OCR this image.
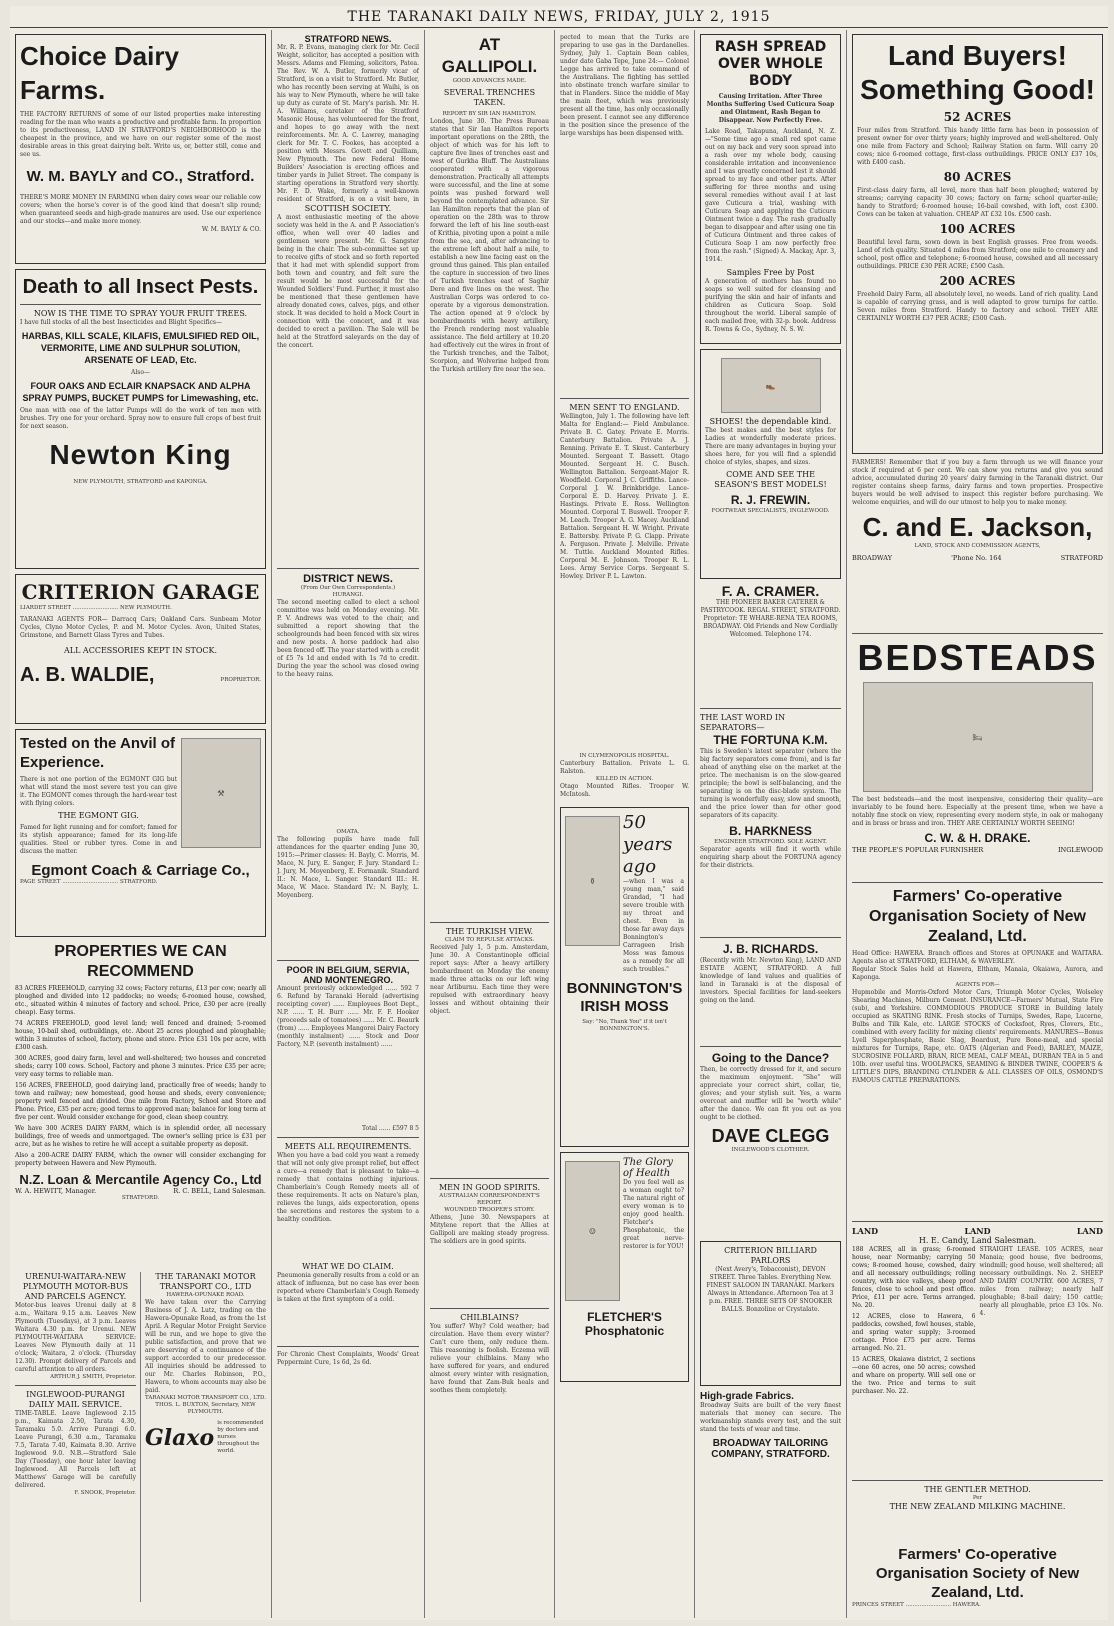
THE TARANAKI DAILY NEWS, FRIDAY, JULY 2, 1915
Choice Dairy Farms.
THE FACTORY RETURNS of some of our listed properties make interesting reading for the man who wants a productive and profitable farm. In proportion to its productiveness, LAND IN STRATFORD'S NEIGHBORHOOD is the cheapest in the province, and we have on our register some of the most desirable areas in this great dairying belt. Write us, or, better still, come and see us.
W. M. BAYLY and CO., Stratford.
THERE'S MORE MONEY IN FARMING when dairy cows wear our reliable cow covers; when the horse's cover is of the good kind that doesn't slip round; when guaranteed seeds and high-grade manures are used. Use our experience and our stocks—and make more money.
W. M. BAYLY & CO.
Death to all Insect Pests.
NOW IS THE TIME TO SPRAY YOUR FRUIT TREES.
I have full stocks of all the best Insecticides and Blight Specifics—
HARBAS, KILL SCALE, KILAFIS, EMULSIFIED RED OIL, VERMORITE, LIME AND SULPHUR SOLUTION, ARSENATE OF LEAD, Etc.
Also—
FOUR OAKS AND ECLAIR KNAPSACK AND ALPHA SPRAY PUMPS, BUCKET PUMPS for Limewashing, etc.
One man with one of the latter Pumps will do the work of ten men with brushes. Try one for your orchard. Spray now to ensure full crops of best fruit for next season.
Newton King
NEW PLYMOUTH, STRATFORD and KAPONGA.
CRITERION GARAGE
LIARDET STREET .......................... NEW PLYMOUTH.
TARANAKI AGENTS FOR— Darracq Cars; Oakland Cars. Sunbeam Motor Cycles, Clyno Motor Cycles, P. and M. Motor Cycles. Avon, United States, Grimstone, and Barnett Glass Tyres and Tubes.
ALL ACCESSORIES KEPT IN STOCK.
A. B. WALDIE,	PROPRIETOR.
Tested on the Anvil of Experience.
There is not one portion of the EGMONT GIG but what will stand the most severe test you can give it. The EGMONT comes through the hard-wear test with flying colors.
THE EGMONT GIG.
Famed for light running and for comfort; famed for its stylish appearance; famed for its long-life qualities. Steel or rubber tyres. Come in and discuss the matter.
⚒
Egmont Coach & Carriage Co.,
PAGE STREET ................................ STRATFORD.
PROPERTIES WE CAN RECOMMEND
83 ACRES FREEHOLD, carrying 32 cows; Factory returns, £13 per cow; nearly all ploughed and divided into 12 paddocks; no weeds; 6-roomed house, cowshed, etc., situated within 4 minutes of factory and school. Price, £30 per acre (really cheap). Easy terms.
74 ACRES FREEHOLD, good level land; well fenced and drained; 5-roomed house, 10-bail shed, outbuildings, etc. About 25 acres ploughed and ploughable; within 3 minutes of school, factory, phone and store. Price £31 10s per acre, with £300 cash.
300 ACRES, good dairy farm, level and well-sheltered; two houses and concreted sheds; carry 100 cows. School, Factory and phone 3 minutes. Price £35 per acre; very easy terms to reliable man.
156 ACRES, FREEHOLD, good dairying land, practically free of weeds; handy to town and railway; new homestead, good house and sheds, every convenience; property well fenced and divided. One mile from Factory, School and Store and Phone. Price, £35 per acre; good terms to approved man; balance for long term at five per cent. Would consider exchange for good, clean sheep country.
We have 300 ACRES DAIRY FARM, which is in splendid order, all necessary buildings, free of weeds and unmortgaged. The owner's selling price is £31 per acre, but as he wishes to retire he will accept a suitable property as deposit.
Also a 200-ACRE DAIRY FARM, which the owner will consider exchanging for property between Hawera and New Plymouth.
N.Z. Loan & Mercantile Agency Co., Ltd
W. A. HEWITT, Manager.	R. C. BELL, Land Salesman.
STRATFORD.
URENUI-WAITARA-NEW PLYMOUTH MOTOR-BUS AND PARCELS AGENCY.
Motor-bus leaves Urenui daily at 8 a.m., Waitara 9.15 a.m. Leaves New Plymouth (Tuesdays), at 3 p.m. Leaves Waitara 4.30 p.m. for Urenui. NEW PLYMOUTH-WAITARA SERVICE: Leaves New Plymouth daily at 11 o'clock; Waitara, 2 o'clock. (Thursday 12.30). Prompt delivery of Parcels and careful attention to all orders.
ARTHUR J. SMITH, Proprietor.
INGLEWOOD-PURANGI DAILY MAIL SERVICE.
TIME-TABLE. Leave Inglewood 2.15 p.m., Kaimata 2.50, Tarata 4.30, Taramaku 5.0. Arrive Purangi 6.0. Leave Purangi, 6.30 a.m., Taramaku 7.5, Tarata 7.40, Kaimata 8.30. Arrive Inglewood 9.0. N.B.—Stratford Sale Day (Tuesday), one hour later leaving Inglewood. All Parcels left at Matthews' Garage will be carefully delivered.
F. SNOOK, Proprietor.
THE TARANAKI MOTOR TRANSPORT CO., LTD
HAWERA-OPUNAKE ROAD.
We have taken over the Carrying Business of J. A. Lutz, trading on the Hawera-Opunake Road, as from the 1st April. A Regular Motor Freight Service will be run, and we hope to give the public satisfaction, and prove that we are deserving of a continuance of the support accorded to our predecessor. All inquiries should be addressed to our Mr. Charles Robinson, P.O., Hawera, to whom accounts may also be paid.
TARANAKI MOTOR TRANSPORT CO., LTD. THOS. L. BUXTON, Secretary, NEW PLYMOUTH.
Glaxo
is recommended by doctors and nurses throughout the world.
STRATFORD NEWS.
Mr. R. P. Evans, managing clerk for Mr. Cecil Weight, solicitor, has accepted a position with Messrs. Adams and Fleming, solicitors, Patea. The Rev. W. A. Butler, formerly vicar of Stratford, is on a visit to Stratford. Mr. Butler, who has recently been serving at Waihi, is on his way to New Plymouth, where he will take up duty as curate of St. Mary's parish. Mr. H. A. Williams, caretaker of the Stratford Masonic House, has volunteered for the front, and hopes to go away with the next reinforcements. Mr. A. C. Lawrey, managing clerk for Mr. T. C. Fookes, has accepted a position with Messrs. Govett and Quilliam, New Plymouth. The new Federal Home Builders' Association is erecting offices and timber yards in Juliet Street. The company is starting operations in Stratford very shortly. Mr. F. D. Wake, formerly a well-known resident of Stratford, is on a visit here, in
SCOTTISH SOCIETY.
A most enthusiastic meeting of the above society was held in the A. and P. Association's office, when well over 40 ladies and gentlemen were present. Mr. G. Sangster being in the chair. The sub-committee set up to receive gifts of stock and so forth reported that it had met with splendid support from both town and country, and felt sure the result would be most successful for the Wounded Soldiers' Fund. Further, it must also be mentioned that these gentlemen have already donated cows, calves, pigs, and other stock. It was decided to hold a Mock Court in connection with the concert, and it was decided to erect a pavilion. The Sale will be held at the Stratford saleyards on the day of the concert.
DISTRICT NEWS.
(From Our Own Correspondents.)
HURANGI.
The second meeting called to elect a school committee was held on Monday evening. Mr. P. V. Andrews was voted to the chair, and submitted a report showing that the schoolgrounds had been fenced with six wires and new posts. A horse paddock had also been fenced off. The year started with a credit of £5 7s 1d and ended with 1s 7d to credit. During the year the school was closed owing to the heavy rains.
OMATA.
The following pupils have made full attendances for the quarter ending June 30, 1915:—Primer classes: H. Bayly, C. Morris, M. Mace, N. Jury, E. Sanger, F. Jury. Standard I.: J. Jury, M. Moyenberg, E. Formanik. Standard II.: N. Mace, L. Sanger. Standard III.: H. Mace, W. Mace. Standard IV.: N. Bayly, L. Moyenberg.
POOR IN BELGIUM, SERVIA, AND MONTENEGRO.
Amount previously acknowledged ...... 592 7 6. Refund by Taranaki Herald (advertising receipting cover) ...... Employees Boot Dept., N.P. ...... T. H. Burr ...... Mr. F. F. Hooker (proceeds sale of tomatoes) ...... Mr. C. Beaurk (from) ...... Employees Mangorei Dairy Factory (monthly instalment) ...... Stock and Door Factory, N.P. (seventh instalment) ......
Total ...... £597 8 5
MEETS ALL REQUIREMENTS.
When you have a bad cold you want a remedy that will not only give prompt relief, but effect a cure—a remedy that is pleasant to take—a remedy that contains nothing injurious. Chamberlain's Cough Remedy meets all of these requirements. It acts on Nature's plan, relieves the lungs, aids expectoration, opens the secretions and restores the system to a healthy condition.
WHAT WE DO CLAIM.
Pneumonia generally results from a cold or an attack of influenza, but no case has ever been reported where Chamberlain's Cough Remedy is taken at the first symptom of a cold.
For Chronic Chest Complaints, Woods' Great Peppermint Cure, 1s 6d, 2s 6d.
AT GALLIPOLI.
GOOD ADVANCES MADE.
SEVERAL TRENCHES TAKEN.
REPORT BY SIR IAN HAMILTON.
London, June 30. The Press Bureau states that Sir Ian Hamilton reports important operations on the 28th, the object of which was for his left to capture five lines of trenches east and west of Gurkha Bluff. The Australians cooperated with a vigorous demonstration. Practically all attempts were successful, and the line at some points was pushed forward well beyond the contemplated advance. Sir Ian Hamilton reports that the plan of operation on the 28th was to throw forward the left of his line south-east of Krithia, pivoting upon a point a mile from the sea, and, after advancing to the extreme left about half a mile, to establish a new line facing east on the ground thus gained. This plan entailed the capture in succession of two lines of Turkish trenches east of Saghir Dere and five lines on the west. The Australian Corps was ordered to co-operate by a vigorous demonstration. The action opened at 9 o'clock by bombardments with heavy artillery, the French rendering most valuable assistance. The field artillery at 10.20 had effectively cut the wires in front of the Turkish trenches, and the Talbot, Scorpion, and Wolverine helped from the Turkish artillery fire near the sea.
THE TURKISH VIEW.
CLAIM TO REPULSE ATTACKS.
Received July 1, 5 p.m. Amsterdam, June 30. A Constantinople official report says: After a heavy artillery bombardment on Monday the enemy made three attacks on our left wing near Arliburnu. Each time they were repulsed with extraordinary heavy losses and without obtaining their object.
MEN IN GOOD SPIRITS.
AUSTRALIAN CORRESPONDENT'S REPORT.
WOUNDED TROOPER'S STORY.
Athens, June 30. Newspapers at Mitylene report that the Allies at Gallipoli are making steady progress. The soldiers are in good spirits.
CHILBLAINS?
You suffer? Why? Cold weather; bad circulation. Have them every winter? Can't cure them, only reduce them. This reasoning is foolish. Eczema will relieve your chilblains. Many who have suffered for years, and endured almost every winter with resignation, have found that Zam-Buk heals and soothes them completely.
pected to mean that the Turks are preparing to use gas in the Dardanelles. Sydney, July 1. Captain Bean cables, under date Gaba Tepe, June 24:— Colonel Legge has arrived to take command of the Australians. The fighting has settled into obstinate trench warfare similar to that in Flanders. Since the middle of May the main fleet, which was previously present all the time, has only occasionally been present. I cannot see any difference in the position since the presence of the large warships has been dispensed with.
MEN SENT TO ENGLAND.
Wellington, July 1. The following have left Malta for England:— Field Ambulance. Private B. C. Gatey. Private E. Morris. Canterbury Battalion. Private A. J. Renning. Private E. T. Skust. Canterbury Mounted. Sergeant T. Bassett. Otago Mounted. Sergeant H. C. Busch. Wellington Battalion. Sergeant-Major R. Woodfield. Corporal J. C. Griffiths. Lance-Corporal J. W. Brinkbridge. Lance-Corporal E. D. Harvey. Private J. E. Hastings. Private E. Ross. Wellington Mounted. Corporal T. Buswell. Trooper F. M. Leach. Trooper A. G. Macey. Auckland Battalion. Sergeant H. W. Wright. Private E. Battersby. Private P. G. Clapp. Private A. Ferguson. Private J. Melville. Private M. Tuttle. Auckland Mounted Rifles. Corporal M. E. Johnson. Trooper R. L. Lees. Army Service Corps. Sergeant S. Howley. Driver P. L. Lawton.
IN CLYMENOPOLIS HOSPITAL.
Canterbury Battalion. Private L. G. Ralston.
KILLED IN ACTION.
Otago Mounted Rifles. Trooper W. McIntosh.
⚱
50 years ago
—when I was a young man," said Grandad, "I had severe trouble with my throat and chest. Even in those far away days Bonnington's Carrageen Irish Moss was famous as a remedy for all such troubles."
BONNINGTON'S IRISH MOSS
Say: "No, Thank You" if it isn't BONNINGTON'S.
☺
The Glory of Health
Do you feel well as a woman ought to? The natural right of every woman is to enjoy good health. Fletcher's Phosphatonic, the great nerve-restorer is for YOU!
FLETCHER'S Phosphatonic
RASH SPREAD OVER WHOLE BODY
Causing Irritation. After Three Months Suffering Used Cuticura Soap and Ointment, Rash Began to Disappear. Now Perfectly Free.
Lake Road, Takapuna, Auckland, N. Z.—"Some time ago a small red spot came out on my back and very soon spread into a rash over my whole body, causing considerable irritation and inconvenience and I was greatly concerned lest it should spread to my face and other parts. After suffering for three months and using several remedies without avail I at last gave Cuticura a trial, washing with Cuticura Soap and applying the Cuticura Ointment twice a day. The rash gradually began to disappear and after using one tin of Cuticura Ointment and three cakes of Cuticura Soap I am now perfectly free from the rash." (Signed) A. Mackay, Apr. 3, 1914.
Samples Free by Post
A generation of mothers has found no soaps so well suited for cleansing and purifying the skin and hair of infants and children as Cuticura Soap. Sold throughout the world. Liberal sample of each mailed free, with 32-p. book. Address R. Towns & Co., Sydney, N. S. W.
👞
SHOES! the dependable kind.
The best makes and the best styles for Ladies at wonderfully moderate prices. There are many advantages in buying your shoes here, for you will find a splendid choice of styles, shapes, and sizes.
COME AND SEE THE SEASON'S BEST MODELS!
R. J. FREWIN.
FOOTWEAR SPECIALISTS, INGLEWOOD.
F. A. CRAMER.
THE PIONEER BAKER CATERER & PASTRYCOOK. REGAL STREET, STRATFORD. Proprietor: TE WHARE-RENA TEA ROOMS, BROADWAY. Old Friends and New Cordially Welcomed. Telephone 174.
THE LAST WORD IN SEPARATORS—
THE FORTUNA K.M.
This is Sweden's latest separator (where the big factory separators come from), and is far ahead of anything else on the market at the price. The mechanism is on the slow-geared principle; the bowl is self-balancing, and the separating is on the disc-blade system. The turning is wonderfully easy, slow and smooth, and the price lower than for other good separators of its capacity.
B. HARKNESS
ENGINEER STRATFORD. SOLE AGENT.
Separator agents will find it worth while enquiring sharp about the FORTUNA agency for their districts.
J. B. RICHARDS.
(Recently with Mr. Newton King), LAND AND ESTATE AGENT, STRATFORD. A full knowledge of land values and qualities of land in Taranaki is at the disposal of investors. Special facilities for land-seekers going on the land.
Going to the Dance?
Then, be correctly dressed for it, and secure the maximum enjoyment. "She" will appreciate your correct shirt, collar, tie, gloves; and your stylish suit. Yes, a warm overcoat and muffler will be "worth while" after the dance. We can fit you out as you ought to be clothed.
DAVE CLEGG
INGLEWOOD'S CLOTHIER.
CRITERION BILLIARD PARLORS
(Next Avery's, Tobacconist), DEVON STREET. Three Tables. Everything New. FINEST SALOON IN TARANAKI. Markers Always in Attendance. Afternoon Tea at 3 p.m. FREE. THREE SETS OF SNOOKER BALLS. Bonzoline or Crystalate.
High-grade Fabrics.
Broadway Suits are built of the very finest materials that money can secure. The workmanship stands every test, and the suit stand the tests of wear and time.
BROADWAY TAILORING COMPANY, STRATFORD.
Land Buyers!
Something Good!
52 ACRES
Four miles from Stratford. This handy little farm has been in possession of present owner for over thirty years; highly improved and well-sheltered. Only one mile from Factory and School; Railway Station on farm. Will carry 20 cows; nice 6-roomed cottage, first-class outbuildings. PRICE ONLY £37 10s, with £400 cash.
80 ACRES
First-class dairy farm, all level, more than half been ploughed; watered by streams; carrying capacity 30 cows; factory on farm; school quarter-mile; handy to Stratford; 6-roomed house; 16-bail cowshed, with loft, cost £300. Cows can be taken at valuation. CHEAP AT £32 10s. £500 cash.
100 ACRES
Beautiful level farm, sown down in best English grasses. Free from weeds. Land of rich quality. Situated 4 miles from Stratford; one mile to creamery and school, post office and telephone; 6-roomed house, cowshed and all necessary outbuildings. PRICE £30 PER ACRE; £500 Cash.
200 ACRES
Freehold Dairy Farm, all absolutely level, no weeds. Land of rich quality. Land is capable of carrying grass, and is well adapted to grow turnips for cattle. Seven miles from Stratford. Handy to factory and school. THEY ARE CERTAINLY WORTH £37 PER ACRE; £500 Cash.
FARMERS! Remember that if you buy a farm through us we will finance your stock if required at 6 per cent. We can show you returns and give you sound advice, accumulated during 20 years' dairy farming in the Taranaki district. Our register contains sheep farms, dairy farms and town properties. Prospective buyers would be well advised to inspect this register before purchasing. We welcome enquiries, and will do our utmost to help you to make money.
C. and E. Jackson,
LAND, STOCK AND COMMISSION AGENTS,
BROADWAY	'Phone No. 164	STRATFORD
BEDSTEADS
🛏
The best bedsteads—and the most inexpensive, considering their quality—are invariably to be found here. Especially at the present time, when we have a notably fine stock on view, representing every modern style, in oak or mahogany and in brass or brass and iron. THEY ARE CERTAINLY WORTH SEEING!
C. W. & H. DRAKE.
THE PEOPLE'S POPULAR FURNISHER	INGLEWOOD
Farmers' Co-operative Organisation Society of New Zealand, Ltd.
Head Office: HAWERA. Branch offices and Stores at OPUNAKE and WAITARA. Agents also at STRATFORD, ELTHAM, & WAVERLEY.
Regular Stock Sales held at Hawera, Eltham, Manaia, Okaiawa, Aurora, and Kaponga.
AGENTS FOR—
Hupmobile and Morris-Oxford Motor Cars, Triumph Motor Cycles, Wolseley Shearing Machines, Milburn Cement. INSURANCE—Farmers' Mutual, State Fire (sub), and Yorkshire. COMMODIOUS PRODUCE STORE in Building lately occupied as SKATING RINK. Fresh stocks of Turnips, Swedes, Rape, Lucerne, Bulbs and Tilk Kale, etc. LARGE STOCKS of Cocksfoot, Ryes, Clovers, Etc., combined with every facility for mixing clients' requirements. MANURES—Bonus Lyell Superphosphate, Basic Slag, Boardust, Pure Bone-meal, and special mixtures for Turnips, Rape, etc. OATS (Algerian and Feed), BARLEY, MAIZE, SUCROSINE FOLLARD, BRAN, RICE MEAL, CALF MEAL, DURBAN TEA in 5 and 10lb. over useful tins. WOOLPACKS, SEAMING & BINDER TWINE, COOPER'S & LITTLE'S DIPS, BRANDING CYLINDER & ALL CLASSES OF OILS, OSMOND'S FAMOUS CATTLE PREPARATIONS.
LAND	LAND	LAND
H. E. Candy, Land Salesman.
188 ACRES, all in grass; 6-roomed house, near Normanby; carrying 50 cows; 8-roomed house, cowshed, dairy and all necessary outbuildings; rolling country, with nice valleys, sheep proof fences, close to school and post office. Price, £11 per acre. Terms arranged. No. 20.
12 ACRES, close to Hawera, 6 paddocks, cowshed, fowl houses, stable, and spring water supply; 3-roomed cottage. Price £75 per acre. Terms arranged. No. 21.
15 ACRES, Okaiawa district, 2 sections—one 60 acres, one 50 acres; cowshed and whare on property. Will sell one or the two. Price and terms to suit purchaser. No. 22.
STRAIGHT LEASE. 105 ACRES, near Manaia; good house, five bedrooms, windmill; good house, well sheltered; all necessary outbuildings. No. 2. SHEEP AND DAIRY COUNTRY. 600 ACRES, 7 miles from railway; nearly half ploughable; 8-bail dairy; 150 cattle; nearly all ploughable, price £3 10s. No. 4.
THE GENTLER METHOD.
Per
THE NEW ZEALAND MILKING MACHINE.
Farmers' Co-operative Organisation Society of New Zealand, Ltd.
PRINCES STREET .......................... HAWERA.
